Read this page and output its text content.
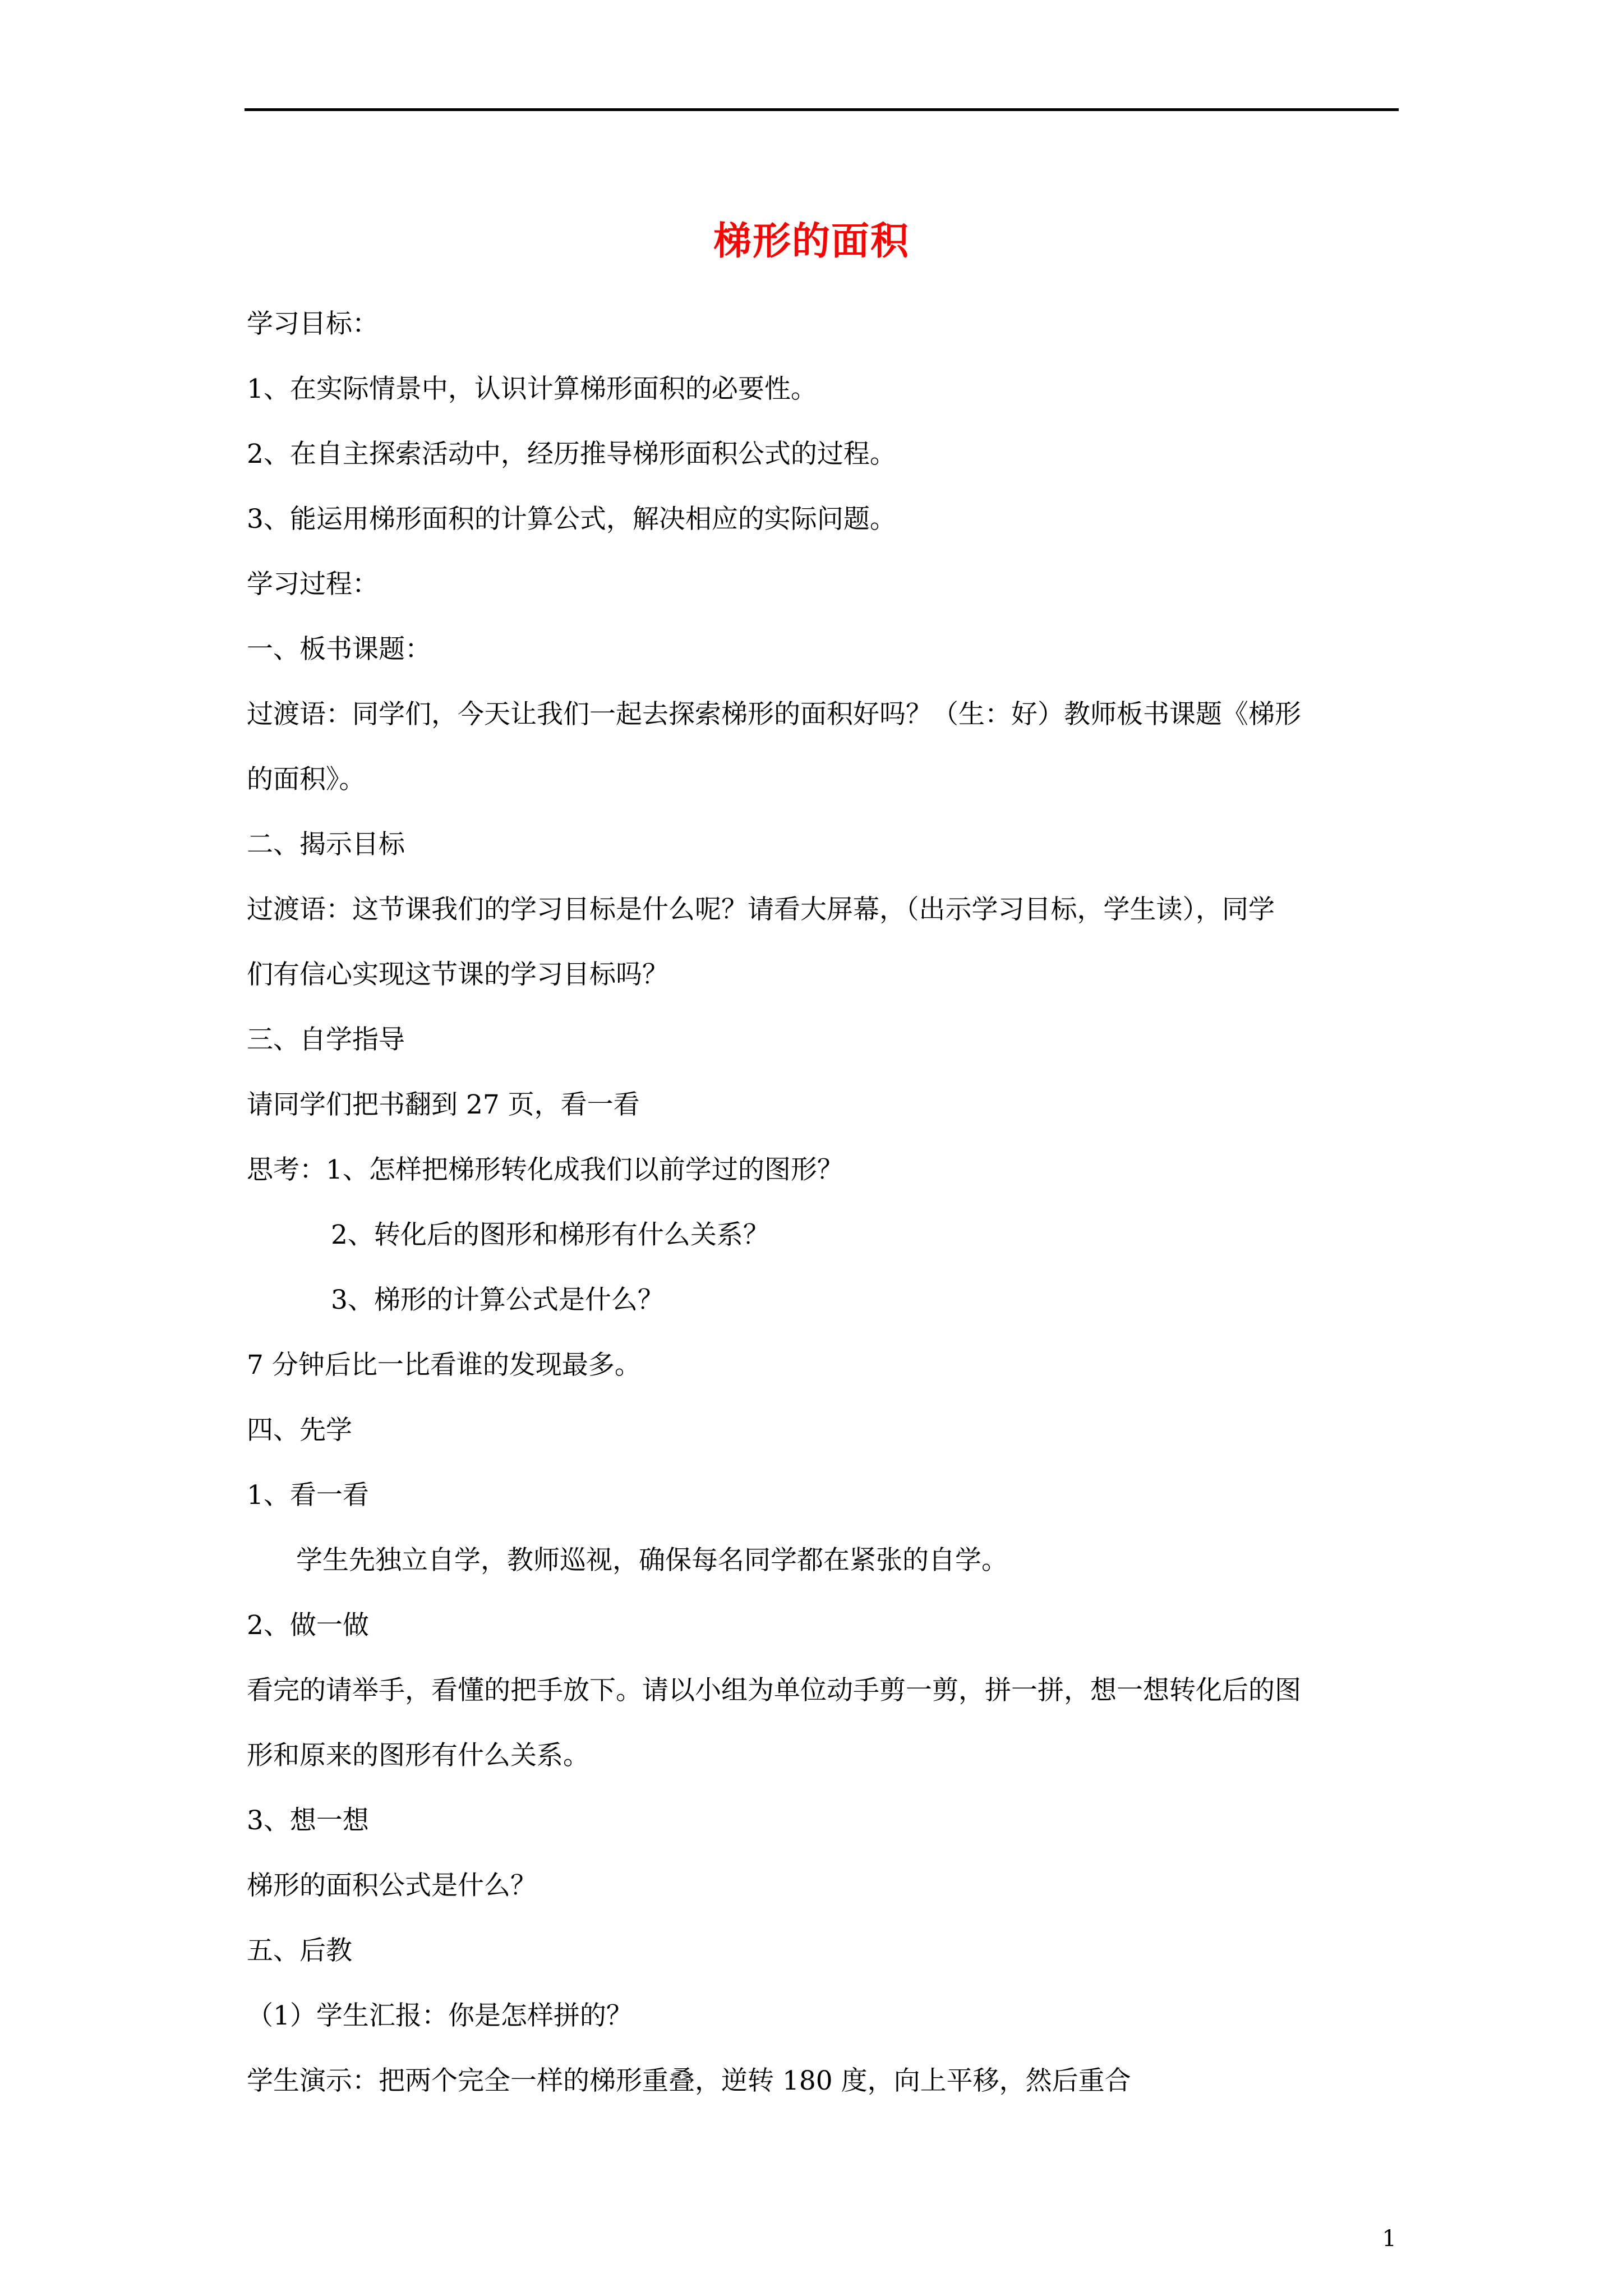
梯形的面积

学习目标：

1、在实际情景中，认识计算梯形面积的必要性。

2、在自主探索活动中，经历推导梯形面积公式的过程。

3、能运用梯形面积的计算公式，解决相应的实际问题。

学习过程：

一、板书课题：

过渡语：同学们，今天让我们一起去探索梯形的面积好吗？（生：好）教师板书课题《梯形

的面积》。

二、揭示目标

过渡语：这节课我们的学习目标是什么呢？请看大屏幕，（出示学习目标，学生读），同学

们有信心实现这节课的学习目标吗？

三、自学指导

请同学们把书翻到 27 页，看一看

思考：1、怎样把梯形转化成我们以前学过的图形？

2、转化后的图形和梯形有什么关系？

3、梯形的计算公式是什么？

7 分钟后比一比看谁的发现最多。

四、先学

1、看一看

学生先独立自学，教师巡视，确保每名同学都在紧张的自学。

2、做一做

看完的请举手，看懂的把手放下。请以小组为单位动手剪一剪，拼一拼，想一想转化后的图

形和原来的图形有什么关系。

3、想一想

梯形的面积公式是什么？

五、后教

（1）学生汇报：你是怎样拼的？

学生演示：把两个完全一样的梯形重叠，逆转 180 度，向上平移，然后重合

1
